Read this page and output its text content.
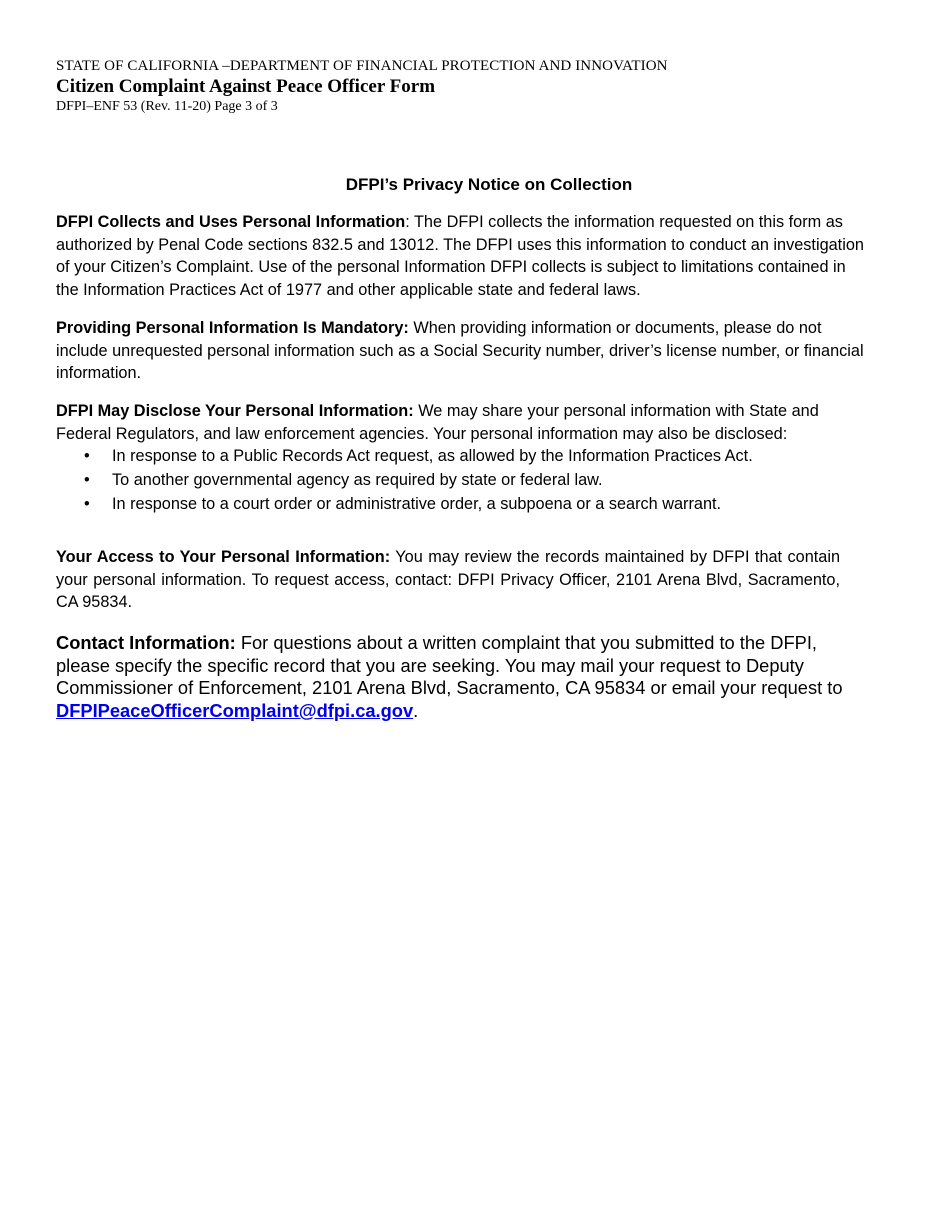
STATE OF CALIFORNIA –DEPARTMENT OF FINANCIAL PROTECTION AND INNOVATION
Citizen Complaint Against Peace Officer Form
DFPI–ENF 53 (Rev. 11-20) Page 3 of 3
DFPI’s Privacy Notice on Collection
DFPI Collects and Uses Personal Information: The DFPI collects the information requested on this form as authorized by Penal Code sections 832.5 and 13012. The DFPI uses this information to conduct an investigation of your Citizen’s Complaint. Use of the personal Information DFPI collects is subject to limitations contained in the Information Practices Act of 1977 and other applicable state and federal laws.
Providing Personal Information Is Mandatory: When providing information or documents, please do not include unrequested personal information such as a Social Security number, driver’s license number, or financial information.
DFPI May Disclose Your Personal Information: We may share your personal information with State and Federal Regulators, and law enforcement agencies. Your personal information may also be disclosed:
• In response to a Public Records Act request, as allowed by the Information Practices Act.
• To another governmental agency as required by state or federal law.
• In response to a court order or administrative order, a subpoena or a search warrant.
Your Access to Your Personal Information: You may review the records maintained by DFPI that contain your personal information. To request access, contact: DFPI Privacy Officer, 2101 Arena Blvd, Sacramento, CA 95834.
Contact Information: For questions about a written complaint that you submitted to the DFPI, please specify the specific record that you are seeking. You may mail your request to Deputy Commissioner of Enforcement, 2101 Arena Blvd, Sacramento, CA 95834 or email your request to DFPIPeaceOfficerComplaint@dfpi.ca.gov.
